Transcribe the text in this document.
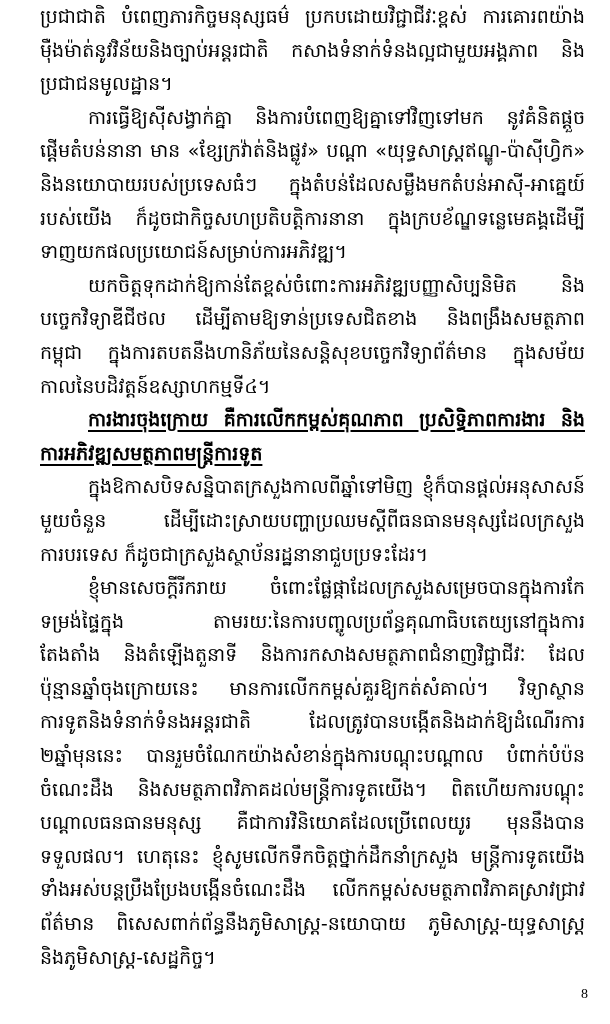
ប្រជាជាតិ បំពេញភារកិច្ចមនុស្សធម៌ ប្រកបដោយវិជ្ជាជីវៈខ្ពស់ ការគោរពយ៉ាង
ម៉ឺងម៉ាត់នូវវិន័យនិងច្បាប់អន្តរជាតិ កសាងទំនាក់ទំនងល្អជាមួយអង្គភាព និង
ប្រជាជនមូលដ្ឋាន។
ការធ្វើឱ្យស៊ីសង្វាក់គ្នា និងការបំពេញឱ្យគ្នាទៅវិញទៅមក នូវគំនិតផ្តួច
ផ្តើមតំបន់នានា មាន «ខ្សែក្រវ៉ាត់និងផ្លូវ» បណ្តា «យុទ្ធសាស្ត្រឥណ្ឌូ-ប៉ាស៊ីហ្វិក»
និងនយោបាយរបស់ប្រទេសធំៗ ក្នុងតំបន់ដែលសម្លឹងមកតំបន់អាស៊ី-អាគ្នេយ៍
របស់យើង ក៏ដូចជាកិច្ចសហប្រតិបត្តិការនានា ក្នុងក្របខ័ណ្ឌទន្លេមេគង្គដើម្បី
ទាញយកផលប្រយោជន៍សម្រាប់ការអភិវឌ្ឍ។
យកចិត្តទុកដាក់ឱ្យកាន់តែខ្ពស់ចំពោះការអភិវឌ្ឍបញ្ញាសិប្បនិមិត និង
បច្ចេកវិទ្យាឌីជីថល ដើម្បីតាមឱ្យទាន់ប្រទេសជិតខាង និងពង្រឹងសមត្ថភាព
កម្ពុជា ក្នុងការតបតនឹងហានិភ័យនៃសន្តិសុខបច្ចេកវិទ្យាព័ត៌មាន ក្នុងសម័យ
កាលនៃបដិវត្តន៍ឧស្សាហកម្មទី៤។
ការងារចុងក្រោយ គឺការលើកកម្ពស់គុណភាព ប្រសិទ្ធិភាពការងារ និង
ការអភិវឌ្ឍសមត្ថភាពមន្ត្រីការទូត
ក្នុងឱកាសបិទសន្និបាតក្រសួងកាលពីឆ្នាំទៅមិញ ខ្ញុំក៏បានផ្តល់អនុសាសន៍
មួយចំនួន ដើម្បីដោះស្រាយបញ្ហាប្រឈមស្តីពីធនធានមនុស្សដែលក្រសួង
ការបរទេស ក៏ដូចជាក្រសួងស្ថាប័នរដ្ឋនានាជួបប្រទះដែរ។
ខ្ញុំមានសេចក្តីរីករាយ ចំពោះផ្លែផ្កាដែលក្រសួងសម្រេចបានក្នុងការកែ
ទម្រង់ផ្ទៃក្នុង តាមរយៈនៃការបញ្ចូលប្រព័ន្ធគុណាធិបតេយ្យនៅក្នុងការ
តែងតាំង និងតំឡើងតួនាទី និងការកសាងសមត្ថភាពជំនាញវិជ្ជាជីវៈ ដែល
ប៉ុន្មានឆ្នាំចុងក្រោយនេះ មានការលើកកម្ពស់គួរឱ្យកត់សំគាល់។ វិទ្យាស្ថាន
ការទូតនិងទំនាក់ទំនងអន្តរជាតិ ដែលត្រូវបានបង្កើតនិងដាក់ឱ្យដំណើរការ
២ឆ្នាំមុននេះ បានរួមចំណែកយ៉ាងសំខាន់ក្នុងការបណ្តុះបណ្តាល បំពាក់បំប៉ន
ចំណេះដឹង និងសមត្ថភាពវិភាគដល់មន្ត្រីការទូតយើង។ ពិតហើយការបណ្តុះ
បណ្តាលធនធានមនុស្ស គឺជាការវិនិយោគដែលប្រើពេលយូរ មុននឹងបាន
ទទួលផល។ ហេតុនេះ ខ្ញុំសូមលើកទឹកចិត្តថ្នាក់ដឹកនាំក្រសួង មន្ត្រីការទូតយើង
ទាំងអស់បន្តប្រឹងប្រែងបង្កើនចំណេះដឹង លើកកម្ពស់សមត្ថភាពវិភាគស្រាវជ្រាវ
ព័ត៌មាន ពិសេសពាក់ព័ន្ធនឹងភូមិសាស្ត្រ-នយោបាយ ភូមិសាស្ត្រ-យុទ្ធសាស្ត្រ
និងភូមិសាស្ត្រ-សេដ្ឋកិច្ច។
8
